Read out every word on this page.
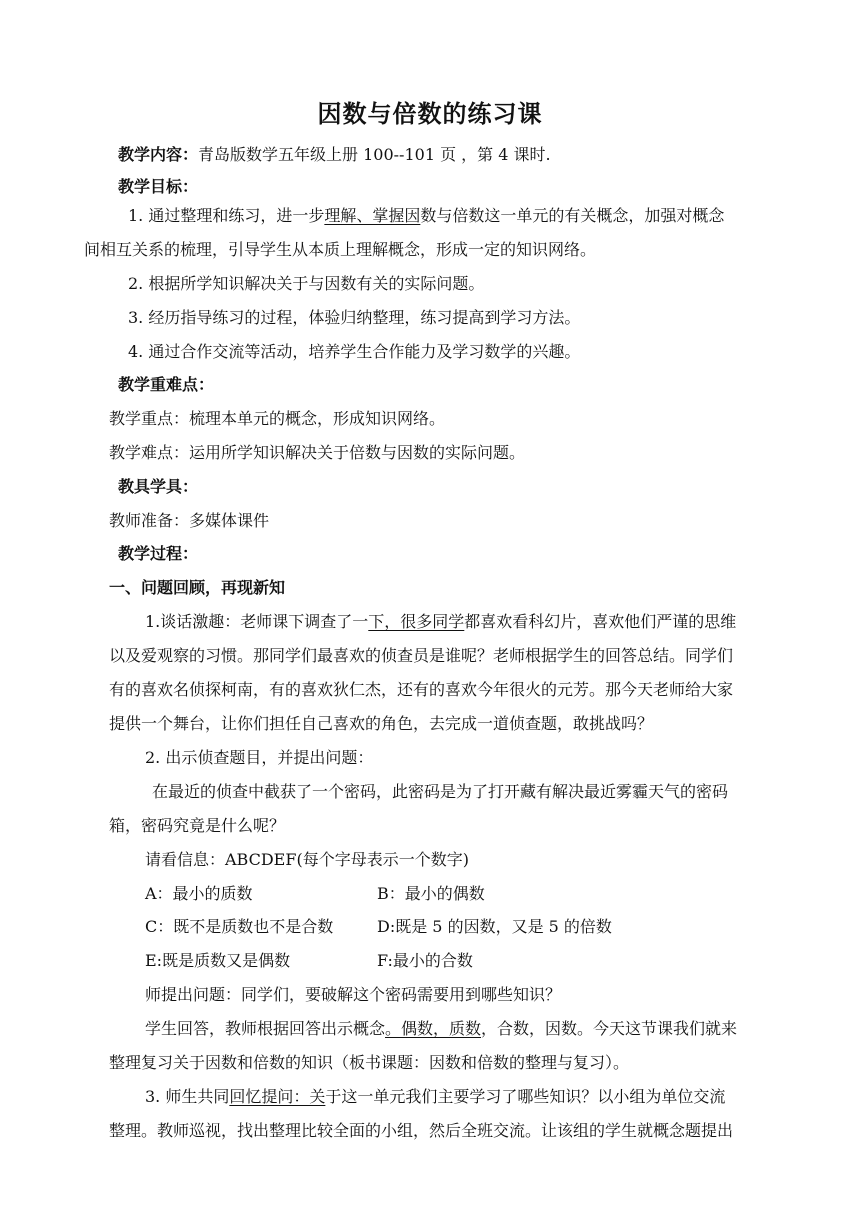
因数与倍数的练习课
教学内容：青岛版数学五年级上册 100--101 页 ，第 4 课时.
教学目标：
1. 通过整理和练习，进一步理解、掌握因数与倍数这一单元的有关概念，加强对概念
间相互关系的梳理，引导学生从本质上理解概念，形成一定的知识网络。
2. 根据所学知识解决关于与因数有关的实际问题。
3. 经历指导练习的过程，体验归纳整理，练习提高到学习方法。
4. 通过合作交流等活动，培养学生合作能力及学习数学的兴趣。
教学重难点：
教学重点：梳理本单元的概念，形成知识网络。
教学难点：运用所学知识解决关于倍数与因数的实际问题。
教具学具：
教师准备：多媒体课件
教学过程：
一、问题回顾，再现新知
1.谈话激趣：老师课下调查了一下，很多同学都喜欢看科幻片，喜欢他们严谨的思维
以及爱观察的习惯。那同学们最喜欢的侦查员是谁呢？老师根据学生的回答总结。同学们
有的喜欢名侦探柯南，有的喜欢狄仁杰，还有的喜欢今年很火的元芳。那今天老师给大家
提供一个舞台，让你们担任自己喜欢的角色，去完成一道侦查题，敢挑战吗？
2. 出示侦查题目，并提出问题：
在最近的侦查中截获了一个密码，此密码是为了打开藏有解决最近雾霾天气的密码
箱，密码究竟是什么呢？
请看信息：ABCDEF(每个字母表示一个数字)
A：最小的质数	B：最小的偶数
C：既不是质数也不是合数	D:既是 5 的因数，又是 5 的倍数
E:既是质数又是偶数	F:最小的合数
师提出问题：同学们，要破解这个密码需要用到哪些知识？
学生回答，教师根据回答出示概念。偶数，质数，合数，因数。今天这节课我们就来
整理复习关于因数和倍数的知识（板书课题：因数和倍数的整理与复习）。
3. 师生共同回忆提问：关于这一单元我们主要学习了哪些知识？以小组为单位交流
整理。教师巡视，找出整理比较全面的小组，然后全班交流。让该组的学生就概念题提出
